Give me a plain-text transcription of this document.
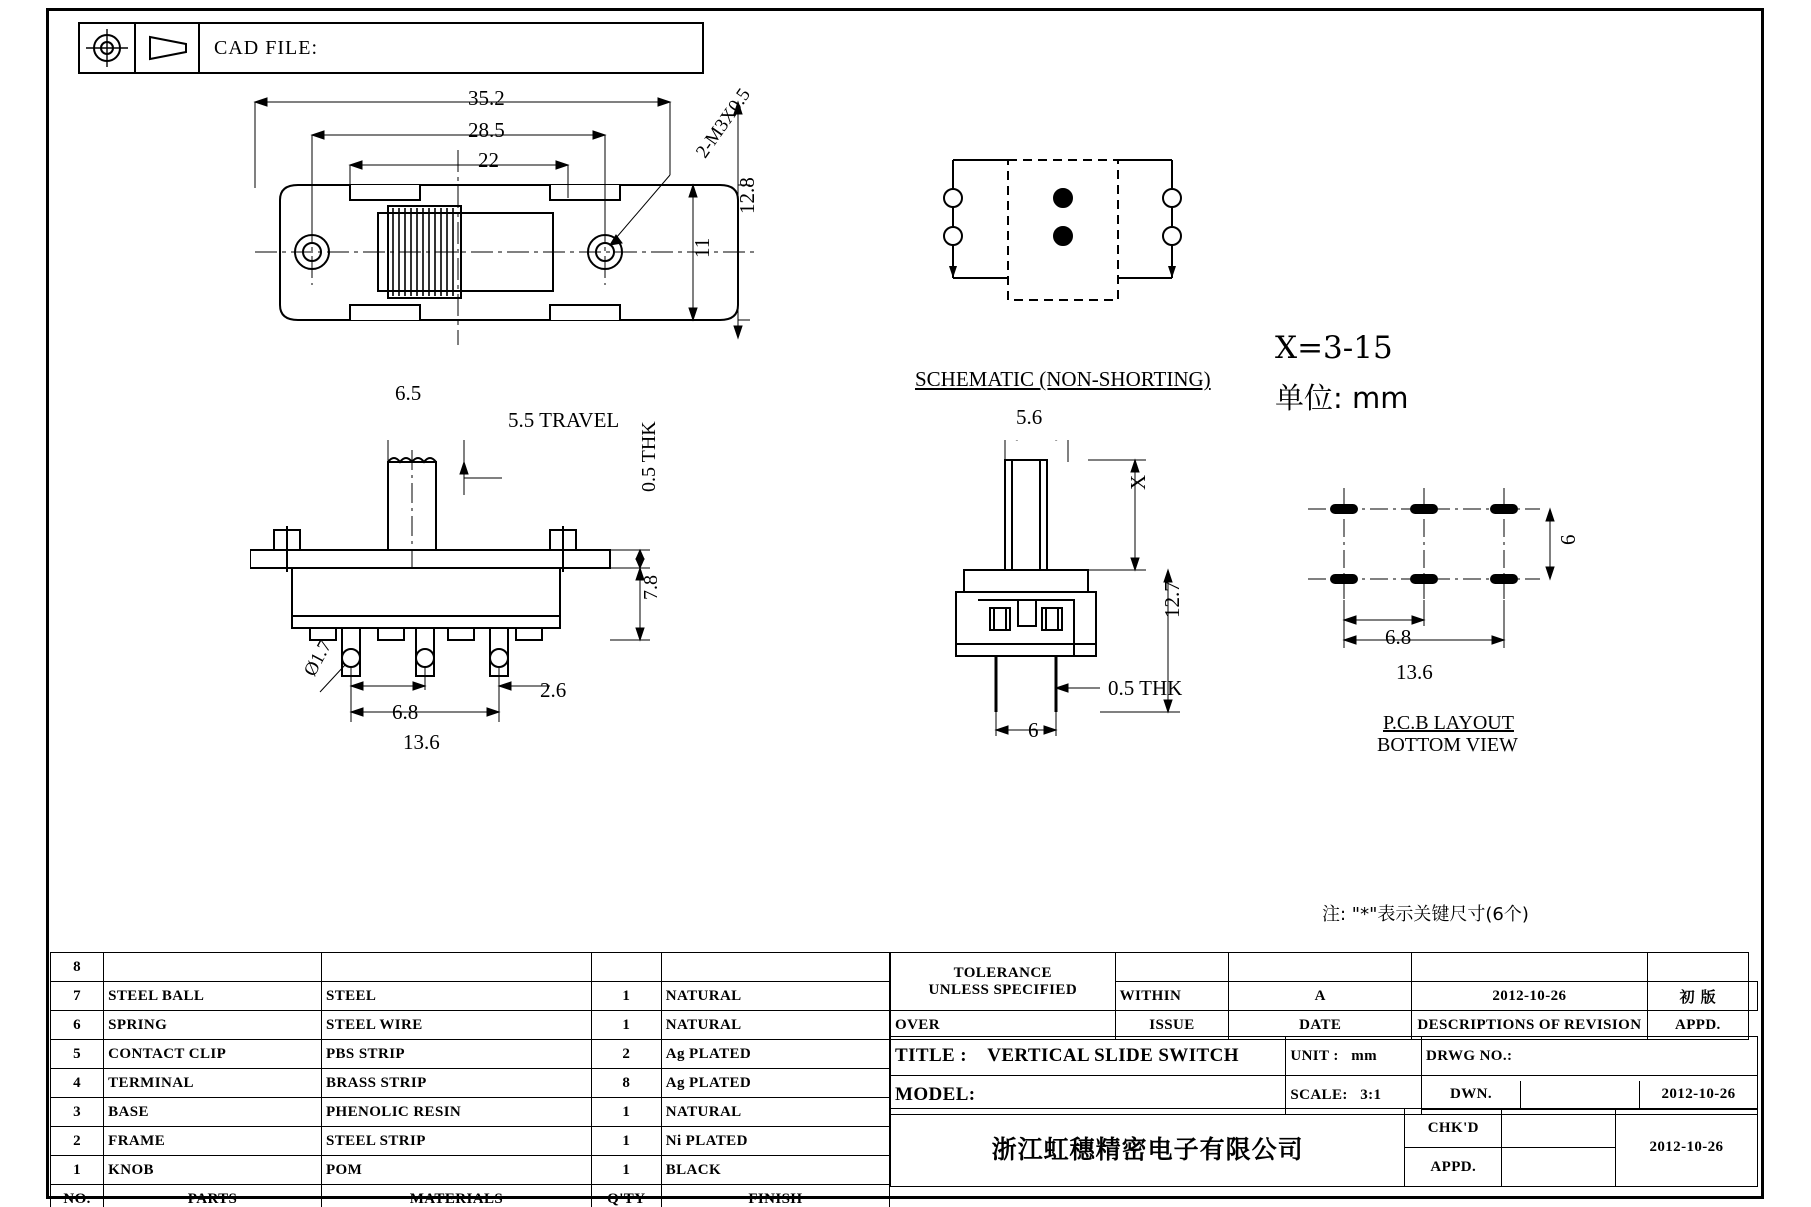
CAD FILE:
35.2
28.5
22
12.8
11
2-M3X0.5
SCHEMATIC (NON-SHORTING)
X=3-15
单位: mm
6.5
5.5 TRAVEL
0.5 THK
7.8
6.8
2.6
13.6
Ø1.7
5.6
X
12.7
0.5 THK
6
6
6.8
13.6
P.C.B LAYOUT
BOTTOM VIEW
注: "*"表示关键尺寸(6个)
8				
7	STEEL BALL	STEEL	1	NATURAL
6	SPRING	STEEL WIRE	1	NATURAL
5	CONTACT CLIP	PBS STRIP	2	Ag PLATED
4	TERMINAL	BRASS STRIP	8	Ag PLATED
3	BASE	PHENOLIC RESIN	1	NATURAL
2	FRAME	STEEL STRIP	1	Ni PLATED
1	KNOB	POM	1	BLACK
NO.	PARTS	MATERIALS	Q'TY	FINISH
TOLERANCE
UNLESS SPECIFIED					

	WITHIN	A	2012-10-26	初 版	
OVER	ISSUE	DATE	DESCRIPTIONS OF REVISION	APPD.	
TITLE : VERTICAL SLIDE SWITCH	UNIT : mm	DRWG NO.:
MODEL:	SCALE: 3:1		DWN.		2012-10-26
浙江虹穗精密电子有限公司	CHK'D		2012-10-26
	APPD.		
